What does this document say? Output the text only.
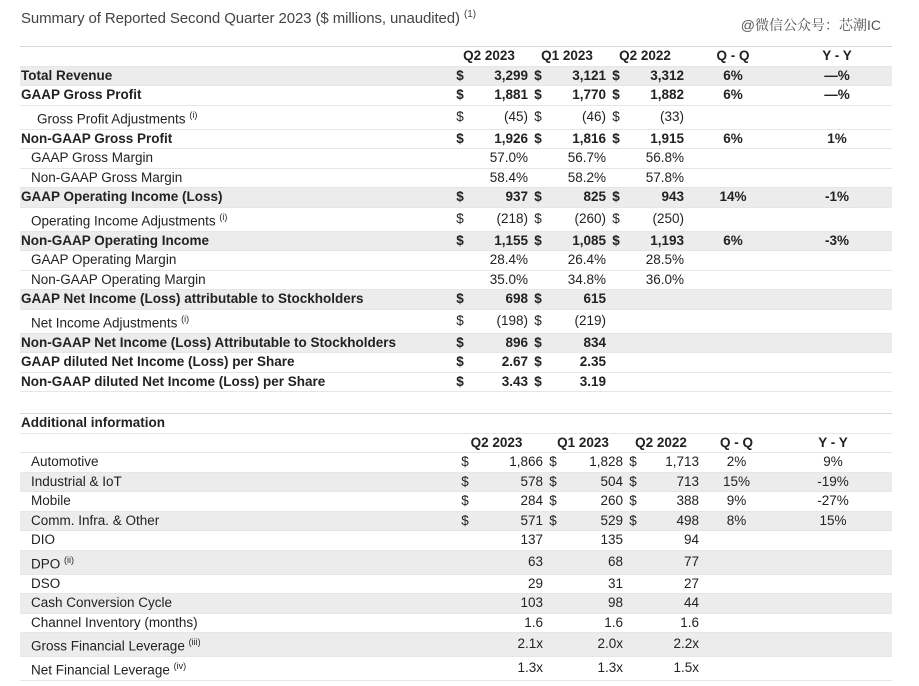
Summary of Reported Second Quarter 2023 ($ millions, unaudited) $^{(1)}$
@微信公众号：芯潮IC
	Q2 2023		Q1 2023		Q2 2022		Q - Q	Y - Y
Total Revenue	$	3,299	$	3,121	$	3,312	6%	—%
GAAP Gross Profit	$	1,881	$	1,770	$	1,882	6%	—%
Gross Profit Adjustments $^{(i)}$	$	(45)	$	(46)	$	(33)		
Non-GAAP Gross Profit	$	1,926	$	1,816	$	1,915	6%	1%
GAAP Gross Margin		57.0%		56.7%		56.8%		
Non-GAAP Gross Margin		58.4%		58.2%		57.8%		
GAAP Operating Income (Loss)	$	937	$	825	$	943	14%	-1%
Operating Income Adjustments $^{(i)}$	$	(218)	$	(260)	$	(250)		
Non-GAAP Operating Income	$	1,155	$	1,085	$	1,193	6%	-3%
GAAP Operating Margin		28.4%		26.4%		28.5%		
Non-GAAP Operating Margin		35.0%		34.8%		36.0%		
GAAP Net Income (Loss) attributable to Stockholders	$	698	$	615				
Net Income Adjustments $^{(i)}$	$	(198)	$	(219)				
Non-GAAP Net Income (Loss) Attributable to Stockholders	$	896	$	834				
GAAP diluted Net Income (Loss) per Share	$	2.67	$	2.35				
Non-GAAP diluted Net Income (Loss) per Share	$	3.43	$	3.19				
Additional information								
	Q2 2023		Q1 2023		Q2 2022		Q - Q	Y - Y
Automotive	$	1,866	$	1,828	$	1,713	2%	9%
Industrial & IoT	$	578	$	504	$	713	15%	-19%
Mobile	$	284	$	260	$	388	9%	-27%
Comm. Infra. & Other	$	571	$	529	$	498	8%	15%
DIO		137		135		94		
DPO $^{(ii)}$		63		68		77		
DSO		29		31		27		
Cash Conversion Cycle		103		98		44		
Channel Inventory (months)		1.6		1.6		1.6		
Gross Financial Leverage $^{(iii)}$		2.1x		2.0x		2.2x		
Net Financial Leverage $^{(iv)}$		1.3x		1.3x		1.5x		
